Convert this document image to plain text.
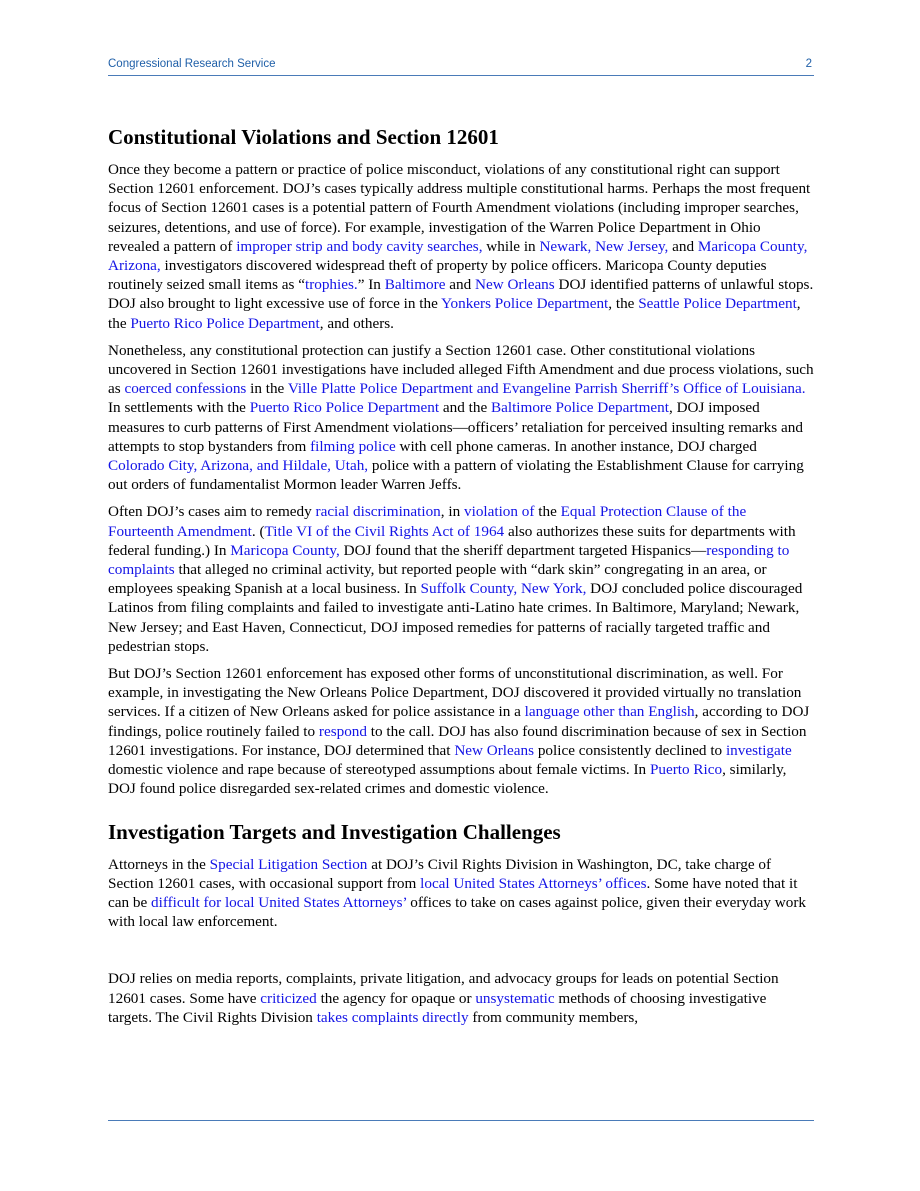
Congressional Research Service	2
Constitutional Violations and Section 12601

Once they become a pattern or practice of police misconduct, violations of any constitutional right can support Section 12601 enforcement. DOJ’s cases typically address multiple constitutional harms. Perhaps the most frequent focus of Section 12601 cases is a potential pattern of Fourth Amendment violations (including improper searches, seizures, detentions, and use of force). For example, investigation of the Warren Police Department in Ohio revealed a pattern of improper strip and body cavity searches, while in Newark, New Jersey, and Maricopa County, Arizona, investigators discovered widespread theft of property by police officers. Maricopa County deputies routinely seized small items as “trophies.” In Baltimore and New Orleans DOJ identified patterns of unlawful stops. DOJ also brought to light excessive use of force in the Yonkers Police Department, the Seattle Police Department, the Puerto Rico Police Department, and others.

Nonetheless, any constitutional protection can justify a Section 12601 case. Other constitutional violations uncovered in Section 12601 investigations have included alleged Fifth Amendment and due process violations, such as coerced confessions in the Ville Platte Police Department and Evangeline Parrish Sherriff’s Office of Louisiana. In settlements with the Puerto Rico Police Department and the Baltimore Police Department, DOJ imposed measures to curb patterns of First Amendment violations—officers’ retaliation for perceived insulting remarks and attempts to stop bystanders from filming police with cell phone cameras. In another instance, DOJ charged Colorado City, Arizona, and Hildale, Utah, police with a pattern of violating the Establishment Clause for carrying out orders of fundamentalist Mormon leader Warren Jeffs.

Often DOJ’s cases aim to remedy racial discrimination, in violation of the Equal Protection Clause of the Fourteenth Amendment. (Title VI of the Civil Rights Act of 1964 also authorizes these suits for departments with federal funding.) In Maricopa County, DOJ found that the sheriff department targeted Hispanics—responding to complaints that alleged no criminal activity, but reported people with “dark skin” congregating in an area, or employees speaking Spanish at a local business. In Suffolk County, New York, DOJ concluded police discouraged Latinos from filing complaints and failed to investigate anti-Latino hate crimes. In Baltimore, Maryland; Newark, New Jersey; and East Haven, Connecticut, DOJ imposed remedies for patterns of racially targeted traffic and pedestrian stops.

But DOJ’s Section 12601 enforcement has exposed other forms of unconstitutional discrimination, as well. For example, in investigating the New Orleans Police Department, DOJ discovered it provided virtually no translation services. If a citizen of New Orleans asked for police assistance in a language other than English, according to DOJ findings, police routinely failed to respond to the call. DOJ has also found discrimination because of sex in Section 12601 investigations. For instance, DOJ determined that New Orleans police consistently declined to investigate domestic violence and rape because of stereotyped assumptions about female victims. In Puerto Rico, similarly, DOJ found police disregarded sex-related crimes and domestic violence.

Investigation Targets and Investigation Challenges

Attorneys in the Special Litigation Section at DOJ’s Civil Rights Division in Washington, DC, take charge of Section 12601 cases, with occasional support from local United States Attorneys’ offices. Some have noted that it can be difficult for local United States Attorneys’ offices to take on cases against police, given their everyday work with local law enforcement.

DOJ relies on media reports, complaints, private litigation, and advocacy groups for leads on potential Section 12601 cases. Some have criticized the agency for opaque or unsystematic methods of choosing investigative targets. The Civil Rights Division takes complaints directly from community members,
